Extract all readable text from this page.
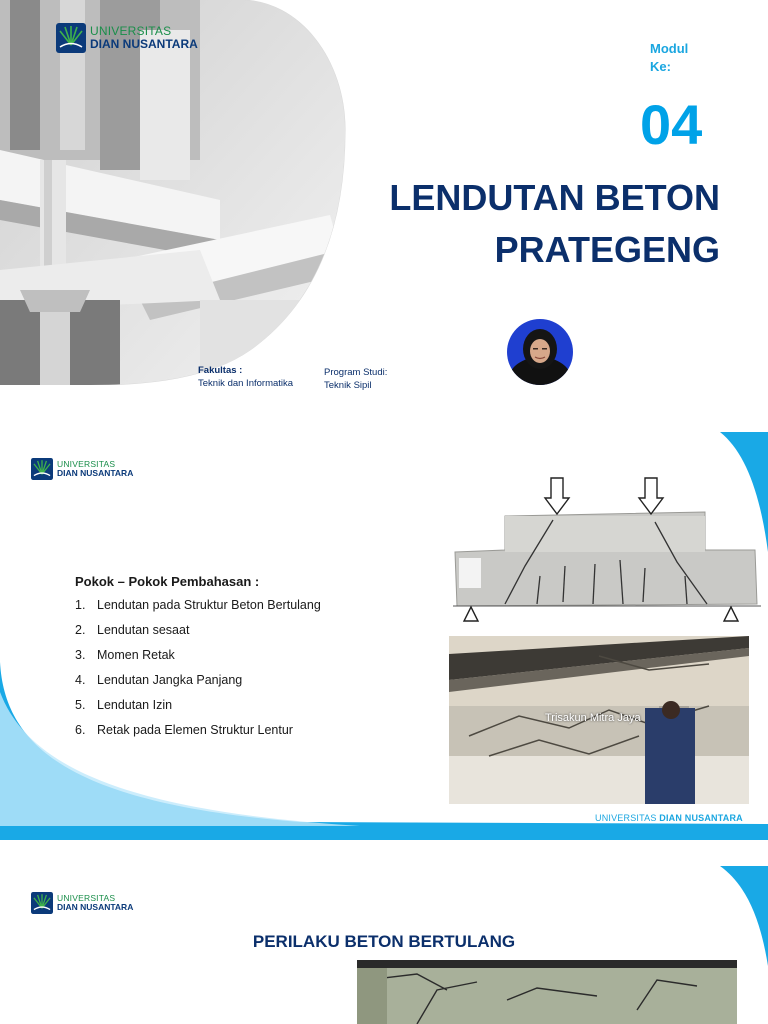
UNIVERSITAS
DIAN NUSANTARA	Modul
Ke:
04
LENDUTAN BETON
PRATEGENG
Fakultas :
Teknik dan Informatika
Program Studi:
Teknik Sipil
UNIVERSITAS
DIAN NUSANTARA
Pokok – Pokok Pembahasan :
1. Lendutan pada Struktur Beton Bertulang
2. Lendutan sesaat
3. Momen Retak
4. Lendutan Jangka Panjang
5. Lendutan Izin
6. Retak pada Elemen Struktur Lentur
Trisakun Mitra Jaya
UNIVERSITAS DIAN NUSANTARA
UNIVERSITAS
DIAN NUSANTARA
PERILAKU BETON BERTULANG
